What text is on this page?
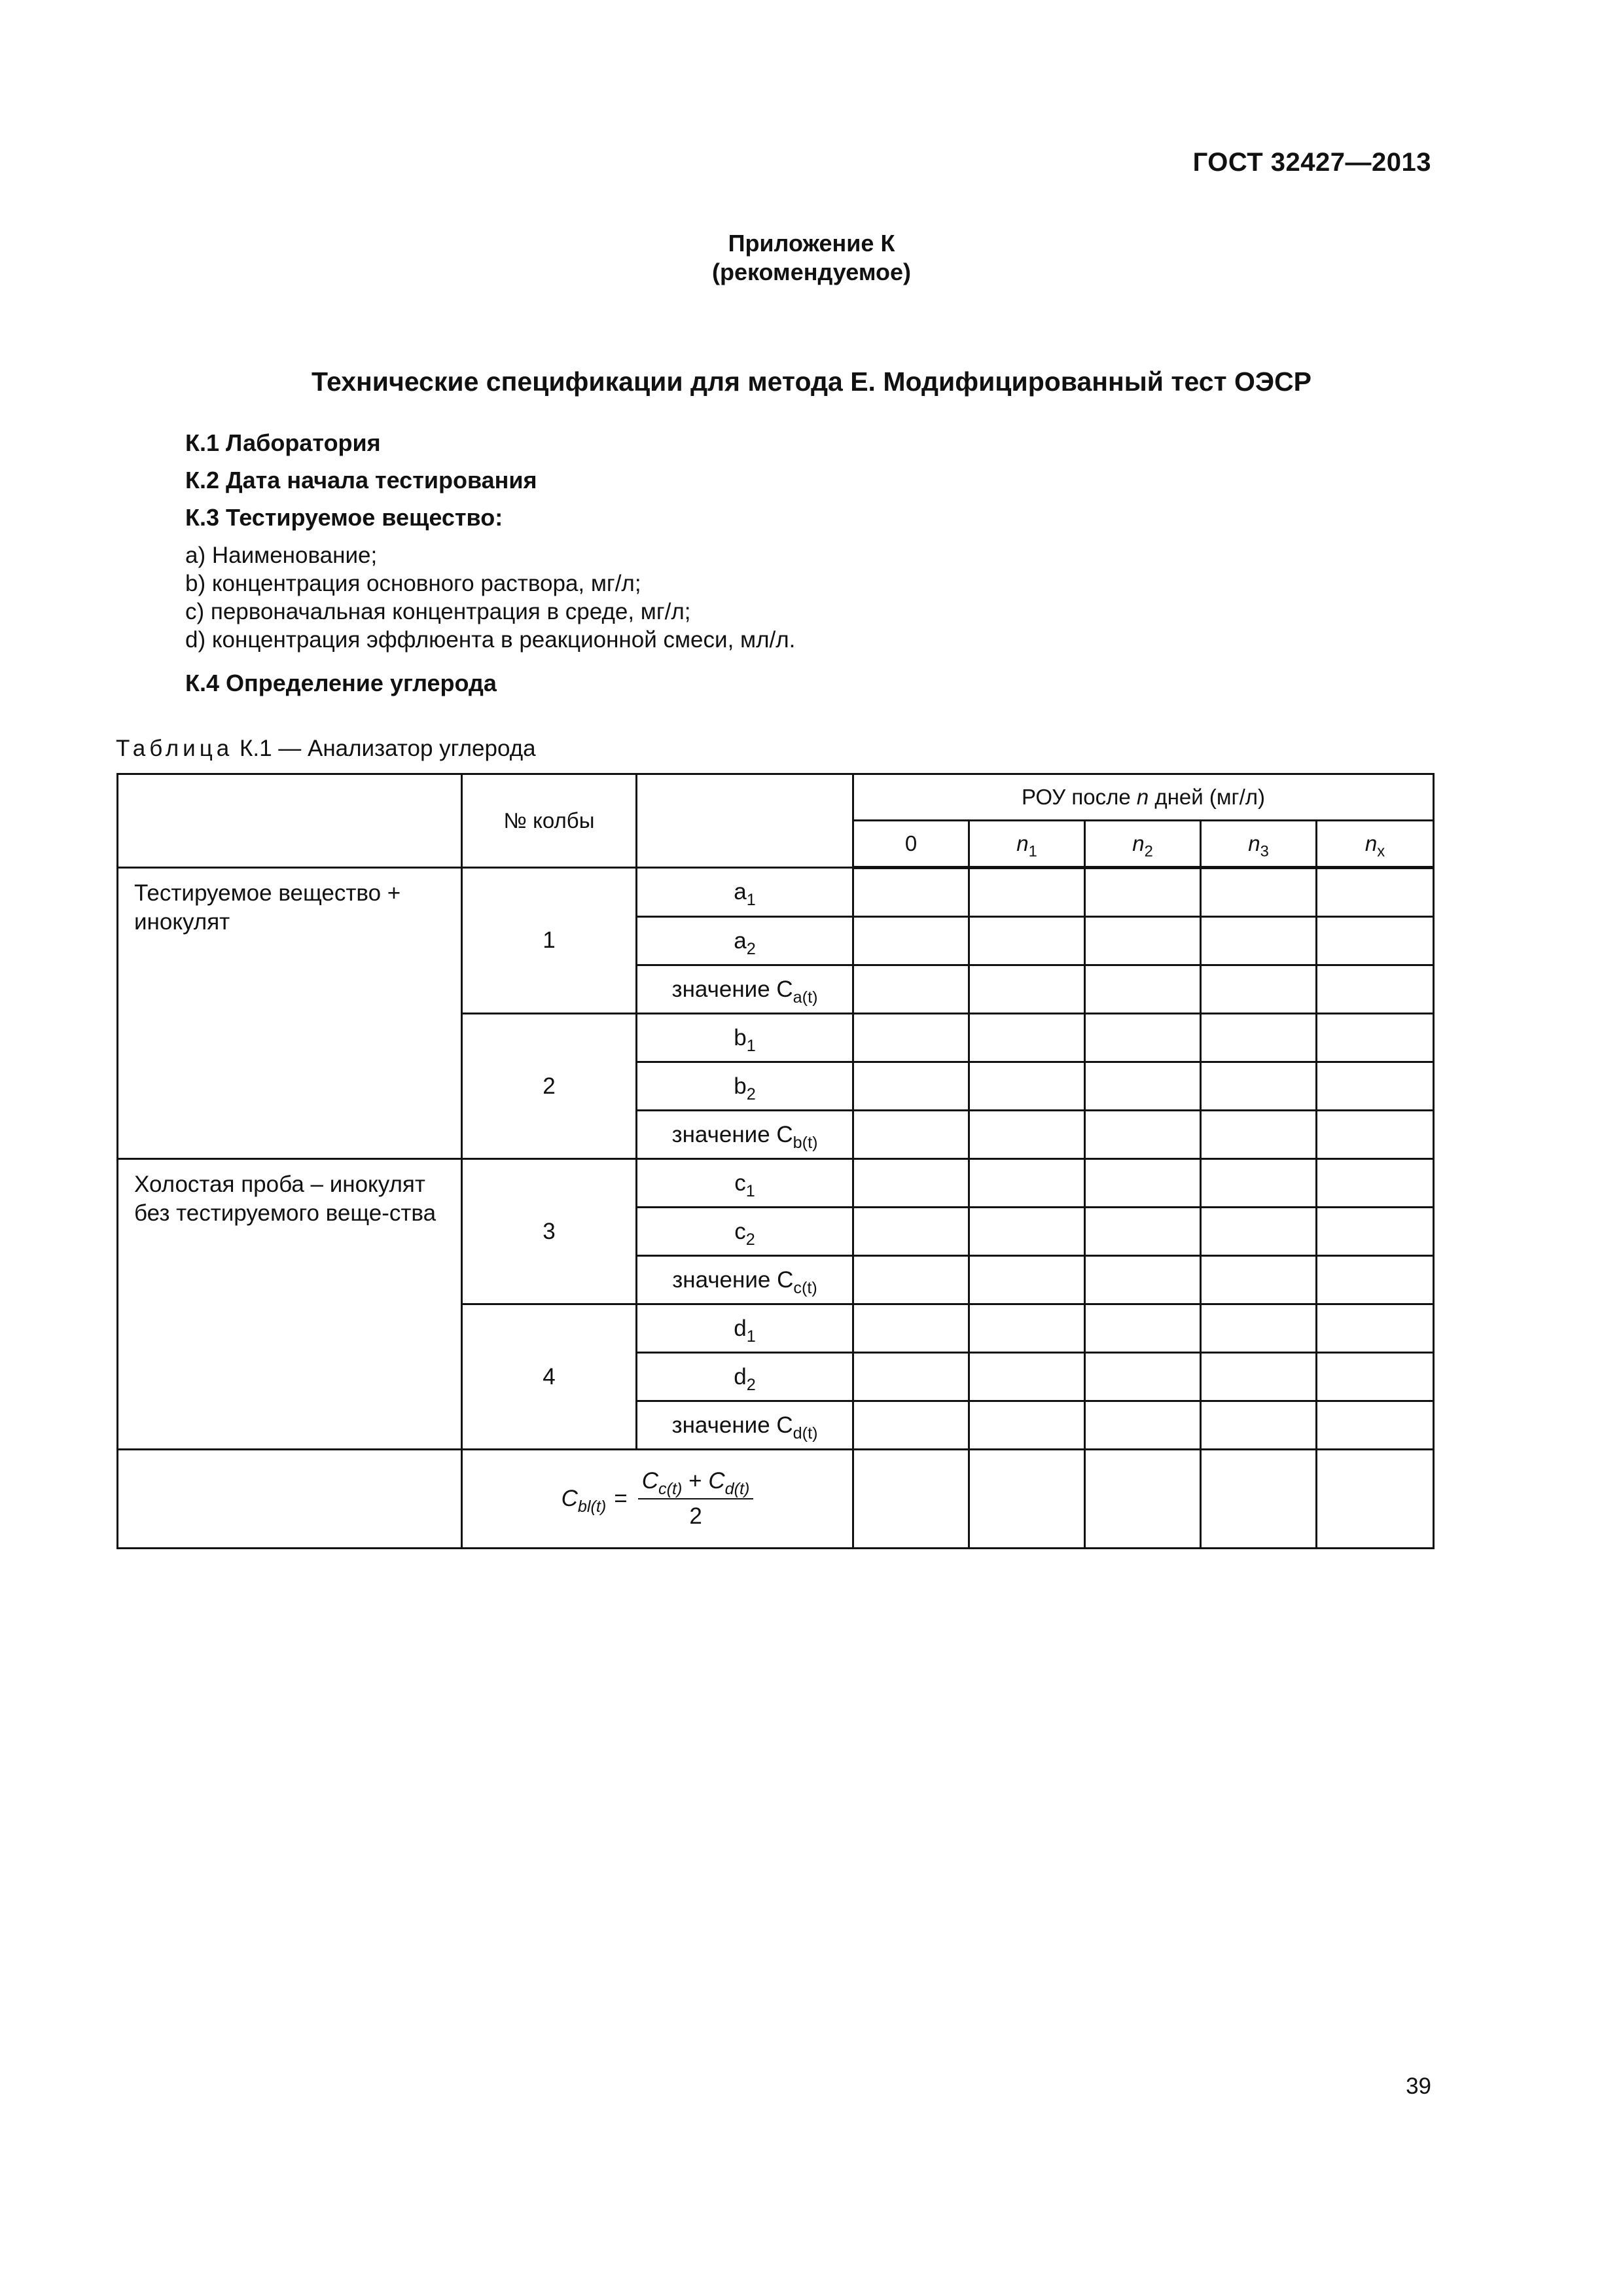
ГОСТ 32427—2013
Приложение К
(рекомендуемое)
Технические спецификации для метода Е. Модифицированный тест ОЭСР
К.1 Лаборатория
К.2 Дата начала тестирования
К.3 Тестируемое вещество:
a) Наименование;
b) концентрация основного раствора, мг/л;
c) первоначальная концентрация в среде, мг/л;
d) концентрация эффлюента в реакционной смеси, мл/л.
К.4 Определение углерода
Таблица К.1 — Анализатор углерода
	№ колбы		РОУ после n дней (мг/л)				
			0	$n_1$	$n_2$	$n_3$	$n_x$
Тестируемое вещество + инокулят	1	$a_1$					
		$a_2$					
		значение $C_{a(t)}$					
	2	$b_1$					
		$b_2$					
		значение $C_{b(t)}$					
Холостая проба – инокулят без тестируемого веще-ства	3	$c_1$					
		$c_2$					
		значение $C_{c(t)}$					
	4	$d_1$					
		$d_2$					
		значение $C_{d(t)}$					

	$C_{bl(t)} = \frac{C_{c(t)} + C_{d(t)}}{2}$

39
